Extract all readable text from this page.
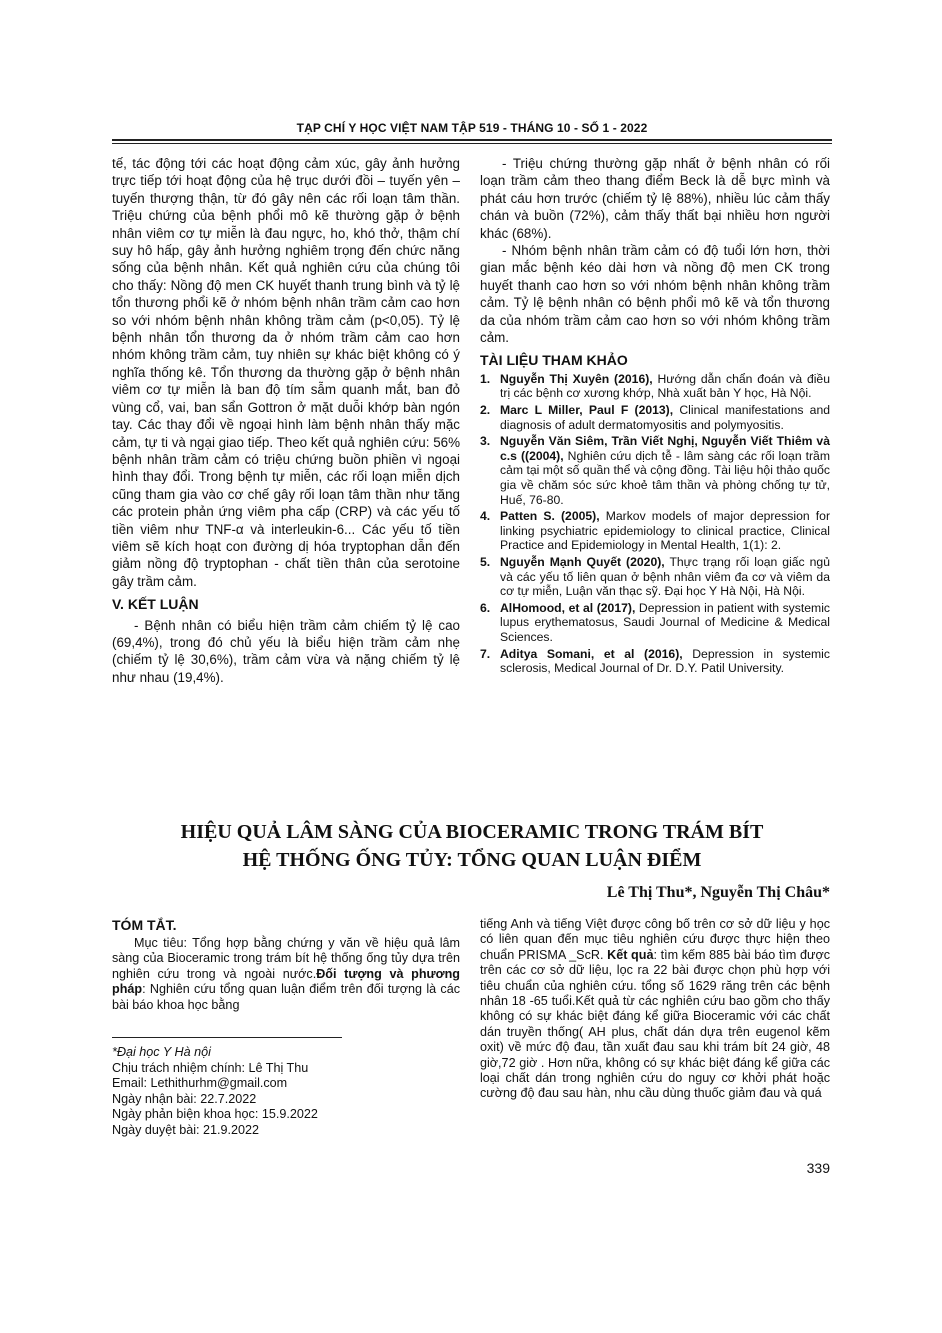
TẠP CHÍ Y HỌC VIỆT NAM TẬP 519 - THÁNG 10 - SỐ 1 - 2022

tế, tác động tới các hoạt động cảm xúc, gây ảnh hưởng trực tiếp tới hoạt động của hệ trục dưới đồi – tuyến yên – tuyến thượng thận, từ đó gây nên các rối loạn tâm thần. Triệu chứng của bệnh phổi mô kẽ thường gặp ở bệnh nhân viêm cơ tự miễn là đau ngực, ho, khó thở, thậm chí suy hô hấp, gây ảnh hưởng nghiêm trọng đến chức năng sống của bệnh nhân. Kết quả nghiên cứu của chúng tôi cho thấy: Nồng độ men CK huyết thanh trung bình và tỷ lệ tổn thương phổi kẽ ở nhóm bệnh nhân trầm cảm cao hơn so với nhóm bệnh nhân không trầm cảm (p<0,05). Tỷ lệ bệnh nhân tổn thương da ở nhóm trầm cảm cao hơn nhóm không trầm cảm, tuy nhiên sự khác biệt không có ý nghĩa thống kê. Tổn thương da thường gặp ở bệnh nhân viêm cơ tự miễn là ban độ tím sẫm quanh mắt, ban đỏ vùng cổ, vai, ban sẩn Gottron ở mặt duỗi khớp bàn ngón tay. Các thay đổi về ngoại hình làm bệnh nhân thấy mặc cảm, tự ti và ngại giao tiếp. Theo kết quả nghiên cứu: 56% bệnh nhân trầm cảm có triệu chứng buồn phiền vì ngoại hình thay đổi. Trong bệnh tự miễn, các rối loạn miễn dịch cũng tham gia vào cơ chế gây rối loạn tâm thần như tăng các protein phản ứng viêm pha cấp (CRP) và các yếu tố tiền viêm như TNF-α và interleukin-6... Các yếu tố tiền viêm sẽ kích hoạt con đường dị hóa tryptophan dẫn đến giảm nồng độ tryptophan - chất tiền thân của serotoine gây trầm cảm.

V. KẾT LUẬN

- Bệnh nhân có biểu hiện trầm cảm chiếm tỷ lệ cao (69,4%), trong đó chủ yếu là biểu hiện trầm cảm nhẹ (chiếm tỷ lệ 30,6%), trầm cảm vừa và nặng chiếm tỷ lệ như nhau (19,4%).

- Triệu chứng thường gặp nhất ở bệnh nhân có rối loạn trầm cảm theo thang điểm Beck là dễ bực mình và phát cáu hơn trước (chiếm tỷ lệ 88%), nhiều lúc cảm thấy chán và buồn (72%), cảm thấy thất bại nhiều hơn người khác (68%).

- Nhóm bệnh nhân trầm cảm có độ tuổi lớn hơn, thời gian mắc bệnh kéo dài hơn và nồng độ men CK trong huyết thanh cao hơn so với nhóm bệnh nhân không trầm cảm. Tỷ lệ bệnh nhân có bệnh phổi mô kẽ và tổn thương da của nhóm trầm cảm cao hơn so với nhóm không trầm cảm.

TÀI LIỆU THAM KHẢO
1. Nguyễn Thị Xuyên (2016), Hướng dẫn chẩn đoán và điều trị các bệnh cơ xương khớp, Nhà xuất bản Y học, Hà Nội.
2. Marc L Miller, Paul F (2013), Clinical manifestations and diagnosis of adult dermatomyositis and polymyositis.
3. Nguyễn Văn Siêm, Trần Viết Nghị, Nguyễn Viết Thiêm và c.s ((2004), Nghiên cứu dịch tễ - lâm sàng các rối loạn trầm cảm tại một số quần thể và cộng đồng. Tài liệu hội thảo quốc gia về chăm sóc sức khoẻ tâm thần và phòng chống tự tử, Huế, 76-80.
4. Patten S. (2005), Markov models of major depression for linking psychiatric epidemiology to clinical practice, Clinical Practice and Epidemiology in Mental Health, 1(1): 2.
5. Nguyễn Mạnh Quyết (2020), Thực trạng rối loạn giấc ngủ và các yếu tố liên quan ở bệnh nhân viêm đa cơ và viêm da cơ tự miễn, Luận văn thạc sỹ. Đại học Y Hà Nội, Hà Nội.
6. AlHomood, et al (2017), Depression in patient with systemic lupus erythematosus, Saudi Journal of Medicine & Medical Sciences.
7. Aditya Somani, et al (2016), Depression in systemic sclerosis, Medical Journal of Dr. D.Y. Patil University.
HIỆU QUẢ LÂM SÀNG CỦA BIOCERAMIC TRONG TRÁM BÍT
HỆ THỐNG ỐNG TỦY: TỔNG QUAN LUẬN ĐIỂM
Lê Thị Thu*, Nguyễn Thị Châu*
TÓM TẮT.
Mục tiêu: Tổng hợp bằng chứng y văn về hiệu quả lâm sàng của Bioceramic trong trám bít hệ thống ống tủy dựa trên nghiên cứu trong và ngoài nước.Đối tượng và phương pháp: Nghiên cứu tổng quan luận điểm trên đối tượng là các bài báo khoa học bằng
tiếng Anh và tiếng Việt được công bố trên cơ sở dữ liệu y học có liên quan đến mục tiêu nghiên cứu được thực hiện theo chuẩn PRISMA _ScR. Kết quả: tìm kếm 885 bài báo tìm được trên các cơ sở dữ liệu, lọc ra 22 bài được chọn phù hợp với tiêu chuẩn của nghiên cứu. tổng số 1629 răng trên các bệnh nhân 18 -65 tuổi.Kết quả từ các nghiên cứu bao gồm cho thấy không có sự khác biệt đáng kể giữa Bioceramic với các chất dán truyền thống( AH plus, chất dán dựa trên eugenol kẽm oxit) về mức độ đau, tần xuất đau sau khi trám bít 24 giờ, 48 giờ,72 giờ . Hơn nữa, không có sự khác biệt đáng kể giữa các loại chất dán trong nghiên cứu do nguy cơ khởi phát hoặc cường độ đau sau hàn, nhu cầu dùng thuốc giảm đau và quá
*Đại học Y Hà nội
Chịu trách nhiệm chính: Lê Thị Thu
Email: Lethithurhm@gmail.com
Ngày nhận bài: 22.7.2022
Ngày phản biện khoa học: 15.9.2022
Ngày duyệt bài: 21.9.2022
339
